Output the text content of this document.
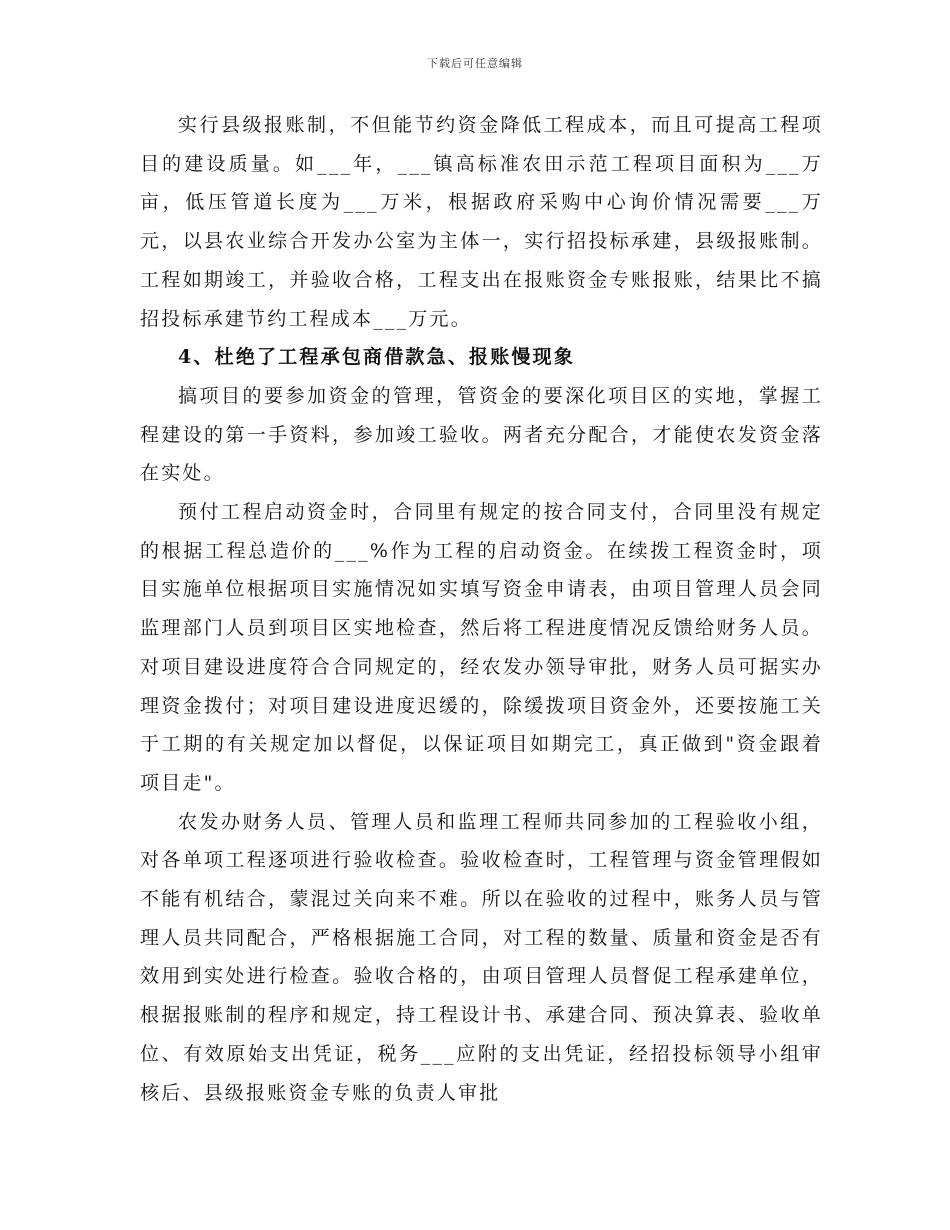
下载后可任意编辑

实行县级报账制，不但能节约资金降低工程成本，而且可提高工程项目的建设质量。如___年，___镇高标准农田示范工程项目面积为___万亩，低压管道长度为___万米，根据政府采购中心询价情况需要___万元，以县农业综合开发办公室为主体一，实行招投标承建，县级报账制。工程如期竣工，并验收合格，工程支出在报账资金专账报账，结果比不搞招投标承建节约工程成本___万元。

4、杜绝了工程承包商借款急、报账慢现象

搞项目的要参加资金的管理，管资金的要深化项目区的实地，掌握工程建设的第一手资料，参加竣工验收。两者充分配合，才能使农发资金落在实处。

预付工程启动资金时，合同里有规定的按合同支付，合同里没有规定的根据工程总造价的___%作为工程的启动资金。在续拨工程资金时，项目实施单位根据项目实施情况如实填写资金申请表，由项目管理人员会同监理部门人员到项目区实地检查，然后将工程进度情况反馈给财务人员。对项目建设进度符合合同规定的，经农发办领导审批，财务人员可据实办理资金拨付；对项目建设进度迟缓的，除缓拨项目资金外，还要按施工关于工期的有关规定加以督促，以保证项目如期完工，真正做到"资金跟着项目走"。

农发办财务人员、管理人员和监理工程师共同参加的工程验收小组，对各单项工程逐项进行验收检查。验收检查时，工程管理与资金管理假如不能有机结合，蒙混过关向来不难。所以在验收的过程中，账务人员与管理人员共同配合，严格根据施工合同，对工程的数量、质量和资金是否有效用到实处进行检查。验收合格的，由项目管理人员督促工程承建单位，根据报账制的程序和规定，持工程设计书、承建合同、预决算表、验收单位、有效原始支出凭证，税务___应附的支出凭证，经招投标领导小组审核后、县级报账资金专账的负责人审批
